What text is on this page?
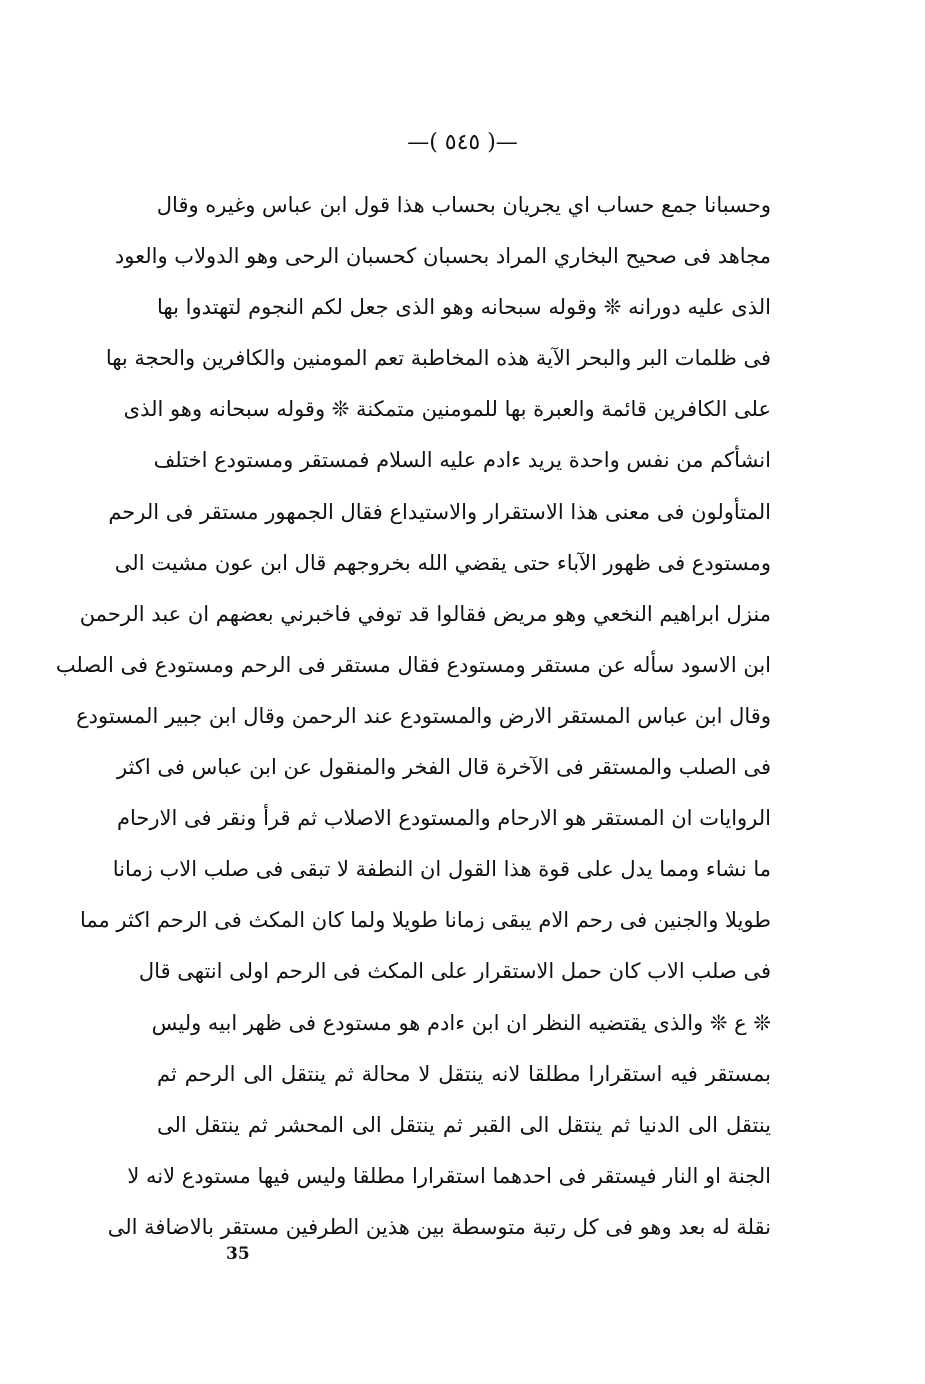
—( ٥٤٥ )—
وحسبانا جمع حساب اي يجريان بحساب هذا قول ابن عباس وغيره وقال
مجاهد فى صحيح البخاري المراد بحسبان كحسبان الرحى وهو الدولاب والعود
الذى عليه دورانه ❊ وقوله سبحانه وهو الذى جعل لكم النجوم لتهتدوا بها
فى ظلمات البر والبحر الآية هذه المخاطبة تعم المومنين والكافرين والحجة بها
على الكافرين قائمة والعبرة بها للمومنين متمكنة ❊ وقوله سبحانه وهو الذى
انشأكم من نفس واحدة يريد ءادم عليه السلام فمستقر ومستودع اختلف
المتأولون فى معنى هذا الاستقرار والاستيداع فقال الجمهور مستقر فى الرحم
ومستودع فى ظهور الآباء حتى يقضي الله بخروجهم قال ابن عون مشيت الى
منزل ابراهيم النخعي وهو مريض فقالوا قد توفي فاخبرني بعضهم ان عبد الرحمن
ابن الاسود سأله عن مستقر ومستودع فقال مستقر فى الرحم ومستودع فى الصلب
وقال ابن عباس المستقر الارض والمستودع عند الرحمن وقال ابن جبير المستودع
فى الصلب والمستقر فى الآخرة قال الفخر والمنقول عن ابن عباس فى اكثر
الروايات ان المستقر هو الارحام والمستودع الاصلاب ثم قرأ ونقر فى الارحام
ما نشاء ومما يدل على قوة هذا القول ان النطفة لا تبقى فى صلب الاب زمانا
طويلا والجنين فى رحم الام يبقى زمانا طويلا ولما كان المكث فى الرحم اكثر مما
فى صلب الاب كان حمل الاستقرار على المكث فى الرحم اولى انتهى قال
❊ ع ❊ والذى يقتضيه النظر ان ابن ءادم هو مستودع فى ظهر ابيه وليس
بمستقر فيه استقرارا مطلقا لانه ينتقل لا محالة ثم ينتقل الى الرحم ثم
ينتقل الى الدنيا ثم ينتقل الى القبر ثم ينتقل الى المحشر ثم ينتقل الى
الجنة او النار فيستقر فى احدهما استقرارا مطلقا وليس فيها مستودع لانه لا
نقلة له بعد وهو فى كل رتبة متوسطة بين هذين الطرفين مستقر بالاضافة الى
35
